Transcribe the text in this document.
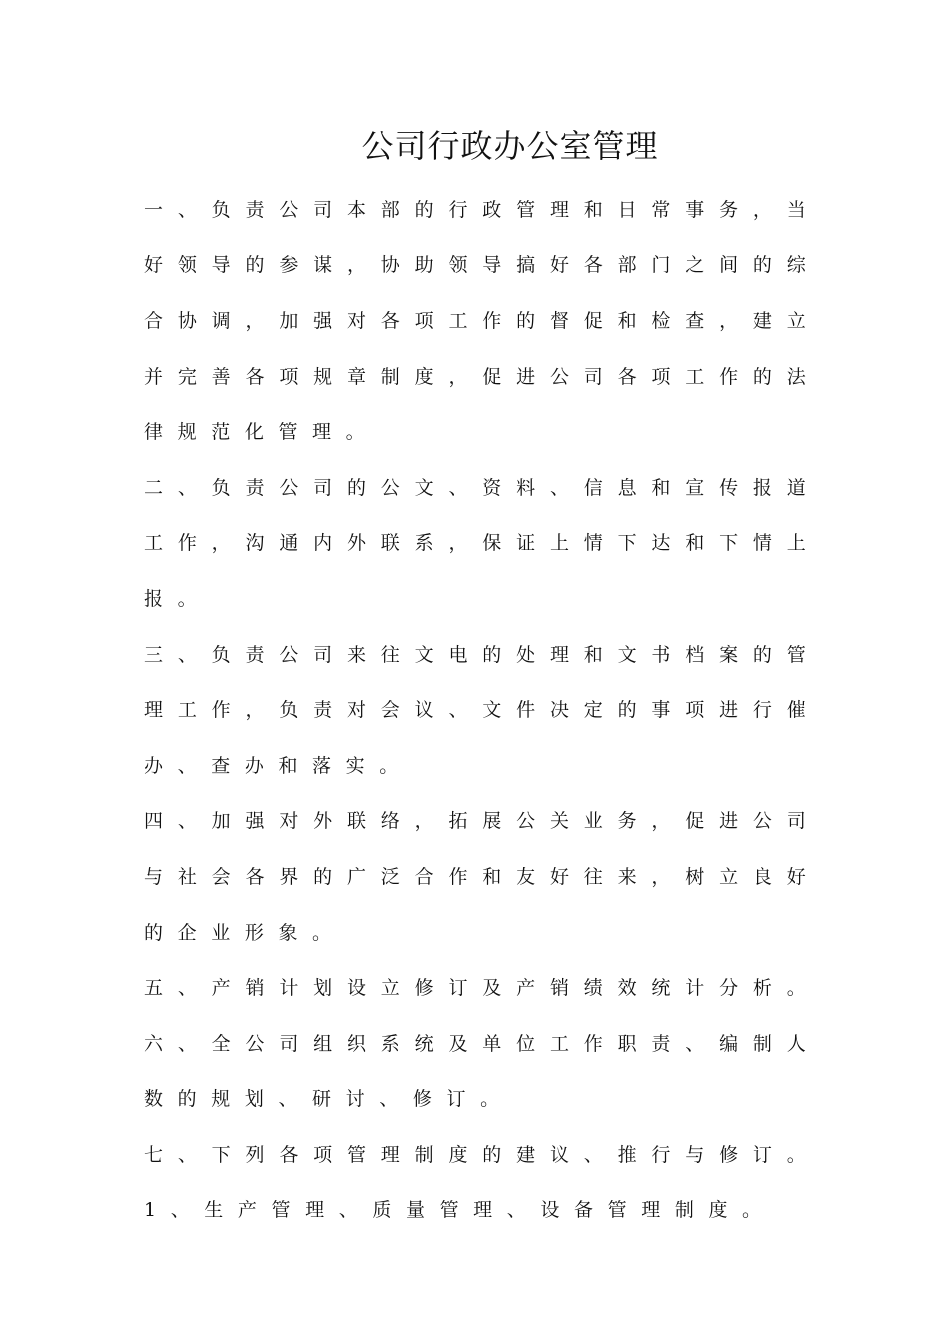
公司行政办公室管理
一 、 负 责 公 司 本 部 的 行 政 管 理 和 日 常 事 务 ， 当
好 领 导 的 参 谋 ， 协 助 领 导 搞 好 各 部 门 之 间 的 综
合 协 调 ， 加 强 对 各 项 工 作 的 督 促 和 检 查 ， 建 立
并 完 善 各 项 规 章 制 度 ， 促 进 公 司 各 项 工 作 的 法
律 规 范 化 管 理 。
二 、 负 责 公 司 的 公 文 、 资 料 、 信 息 和 宣 传 报 道
工 作 ， 沟 通 内 外 联 系 ， 保 证 上 情 下 达 和 下 情 上
报 。
三 、 负 责 公 司 来 往 文 电 的 处 理 和 文 书 档 案 的 管
理 工 作 ， 负 责 对 会 议 、 文 件 决 定 的 事 项 进 行 催
办 、 查 办 和 落 实 。
四 、 加 强 对 外 联 络 ， 拓 展 公 关 业 务 ， 促 进 公 司
与 社 会 各 界 的 广 泛 合 作 和 友 好 往 来 ， 树 立 良 好
的 企 业 形 象 。
五 、 产 销 计 划 设 立 修 订 及 产 销 绩 效 统 计 分 析 。
六 、 全 公 司 组 织 系 统 及 单 位 工 作 职 责 、 编 制 人
数 的 规 划 、 研 讨 、 修 订 。
七 、 下 列 各 项 管 理 制 度 的 建 议 、 推 行 与 修 订 。
1 、 生 产 管 理 、 质 量 管 理 、 设 备 管 理 制 度 。
